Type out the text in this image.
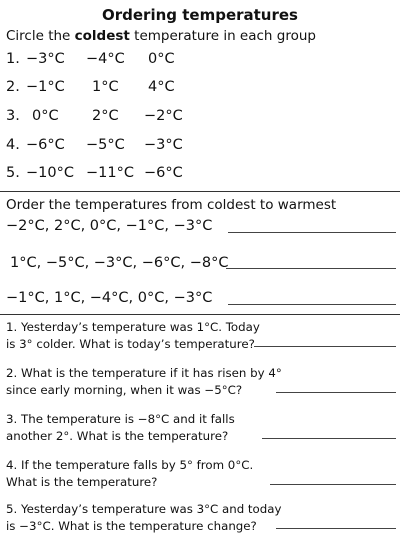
Ordering temperatures
Circle the coldest temperature in each group
1. −3°C −4°C 0°C
2. −1°C 1°C 4°C
3. 0°C 2°C −2°C
4. −6°C −5°C −3°C
5. −10°C −11°C −6°C
Order the temperatures from coldest to warmest
−2°C, 2°C, 0°C, −1°C, −3°C
1°C, −5°C, −3°C, −6°C, −8°C
−1°C, 1°C, −4°C, 0°C, −3°C
1. Yesterday’s temperature was 1°C. Today
is 3° colder. What is today’s temperature?
2. What is the temperature if it has risen by 4°
since early morning, when it was −5°C?
3. The temperature is −8°C and it falls
another 2°. What is the temperature?
4. If the temperature falls by 5° from 0°C.
What is the temperature?
5. Yesterday’s temperature was 3°C and today
is −3°C. What is the temperature change?
